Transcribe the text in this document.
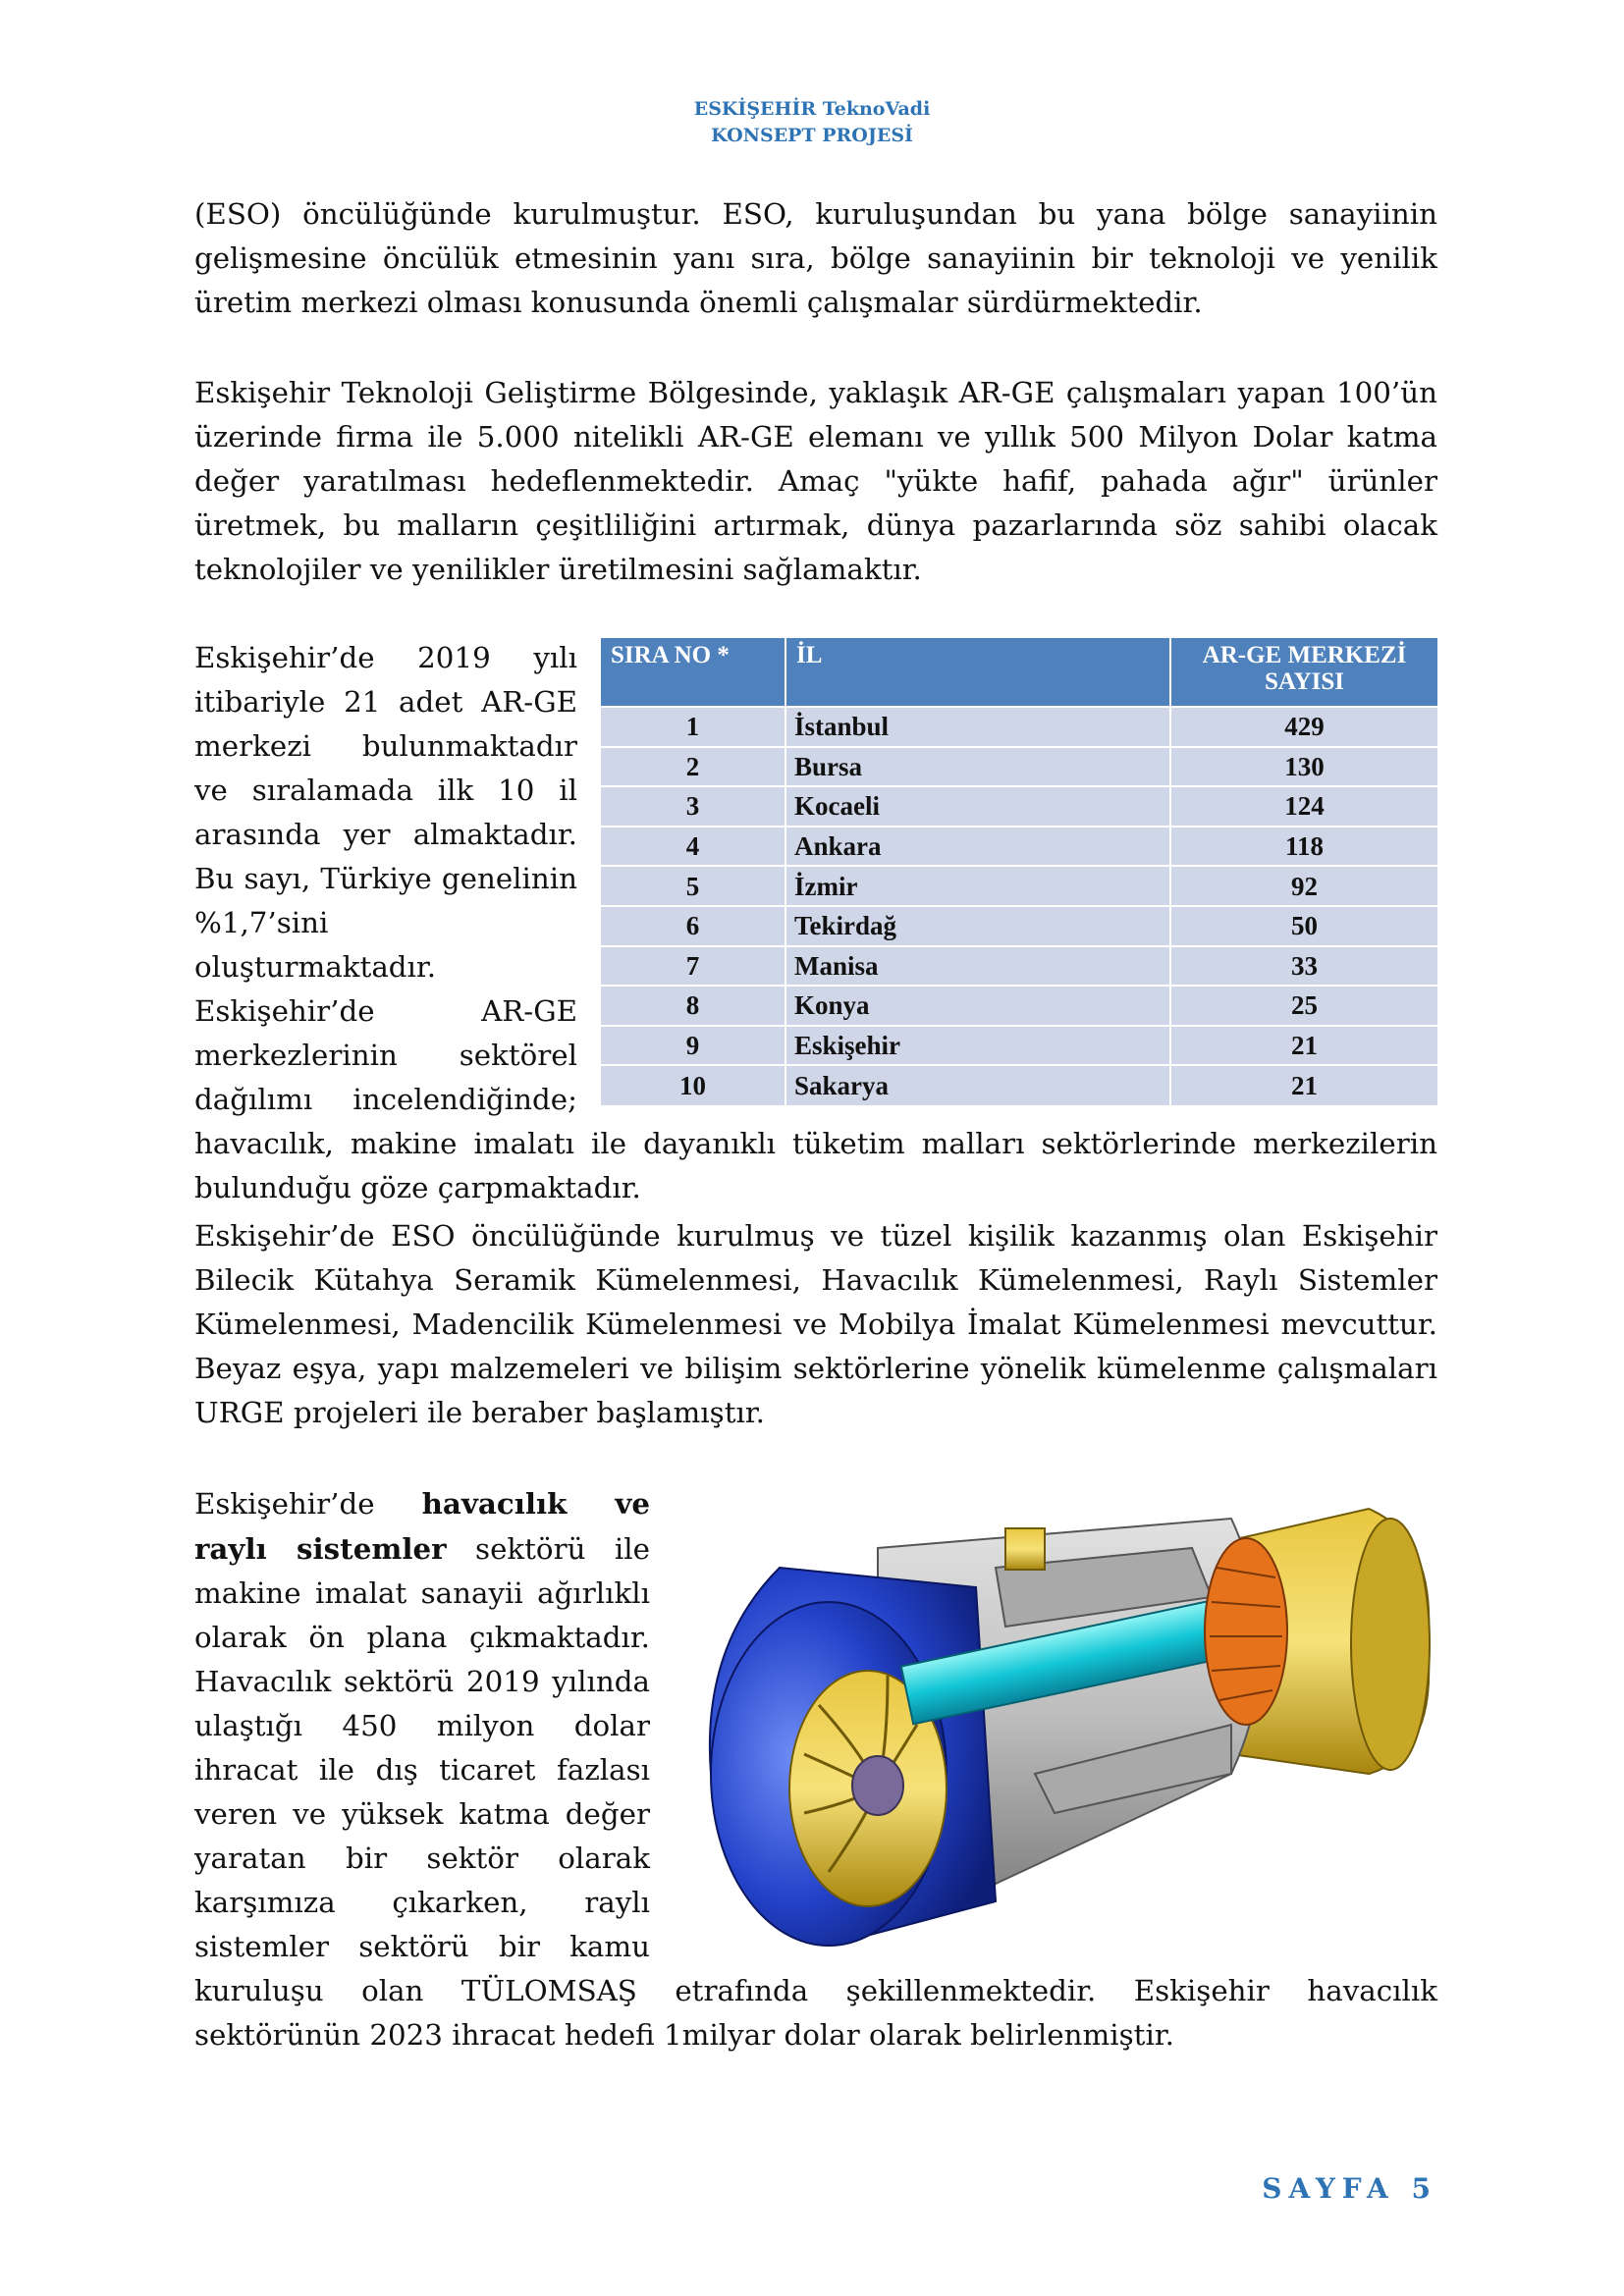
ESKİŞEHİR TeknoVadi
KONSEPT PROJESİ

(ESO) öncülüğünde kurulmuştur. ESO, kuruluşundan bu yana bölge sanayiinin gelişmesine öncülük etmesinin yanı sıra, bölge sanayiinin bir teknoloji ve yenilik üretim merkezi olması konusunda önemli çalışmalar sürdürmektedir.

Eskişehir Teknoloji Geliştirme Bölgesinde, yaklaşık AR-GE çalışmaları yapan 100’ün üzerinde firma ile 5.000 nitelikli AR-GE elemanı ve yıllık 500 Milyon Dolar katma değer yaratılması hedeflenmektedir. Amaç "yükte hafif, pahada ağır" ürünler üretmek, bu malların çeşitliliğini artırmak, dünya pazarlarında söz sahibi olacak teknolojiler ve yenilikler üretilmesini sağlamaktır.

SIRA NO *	İL	AR-GE MERKEZİ SAYISI
1	İstanbul	429
2	Bursa	130
3	Kocaeli	124
4	Ankara	118
5	İzmir	92
6	Tekirdağ	50
7	Manisa	33
8	Konya	25
9	Eskişehir	21
10	Sakarya	21

Eskişehir’de 2019 yılı itibariyle 21 adet AR-GE merkezi bulunmaktadır ve sıralamada ilk 10 il arasında yer almaktadır. Bu sayı, Türkiye genelinin %1,7’sini oluşturmaktadır. Eskişehir’de AR-GE merkezlerinin sektörel dağılımı incelendiğinde; havacılık, makine imalatı ile dayanıklı tüketim malları sektörlerinde merkezilerin bulunduğu göze çarpmaktadır.

Eskişehir’de ESO öncülüğünde kurulmuş ve tüzel kişilik kazanmış olan Eskişehir Bilecik Kütahya Seramik Kümelenmesi, Havacılık Kümelenmesi, Raylı Sistemler Kümelenmesi, Madencilik Kümelenmesi ve Mobilya İmalat Kümelenmesi mevcuttur. Beyaz eşya, yapı malzemeleri ve bilişim sektörlerine yönelik kümelenme çalışmaları URGE projeleri ile beraber başlamıştır.

Eskişehir’de havacılık ve raylı sistemler sektörü ile makine imalat sanayii ağırlıklı olarak ön plana çıkmaktadır. Havacılık sektörü 2019 yılında ulaştığı 450 milyon dolar ihracat ile dış ticaret fazlası veren ve yüksek katma değer yaratan bir sektör olarak karşımıza çıkarken, raylı sistemler sektörü bir kamu kuruluşu olan TÜLOMSAŞ etrafında şekillenmektedir. Eskişehir havacılık sektörünün 2023 ihracat hedefi 1milyar dolar olarak belirlenmiştir.

SAYFA 5
